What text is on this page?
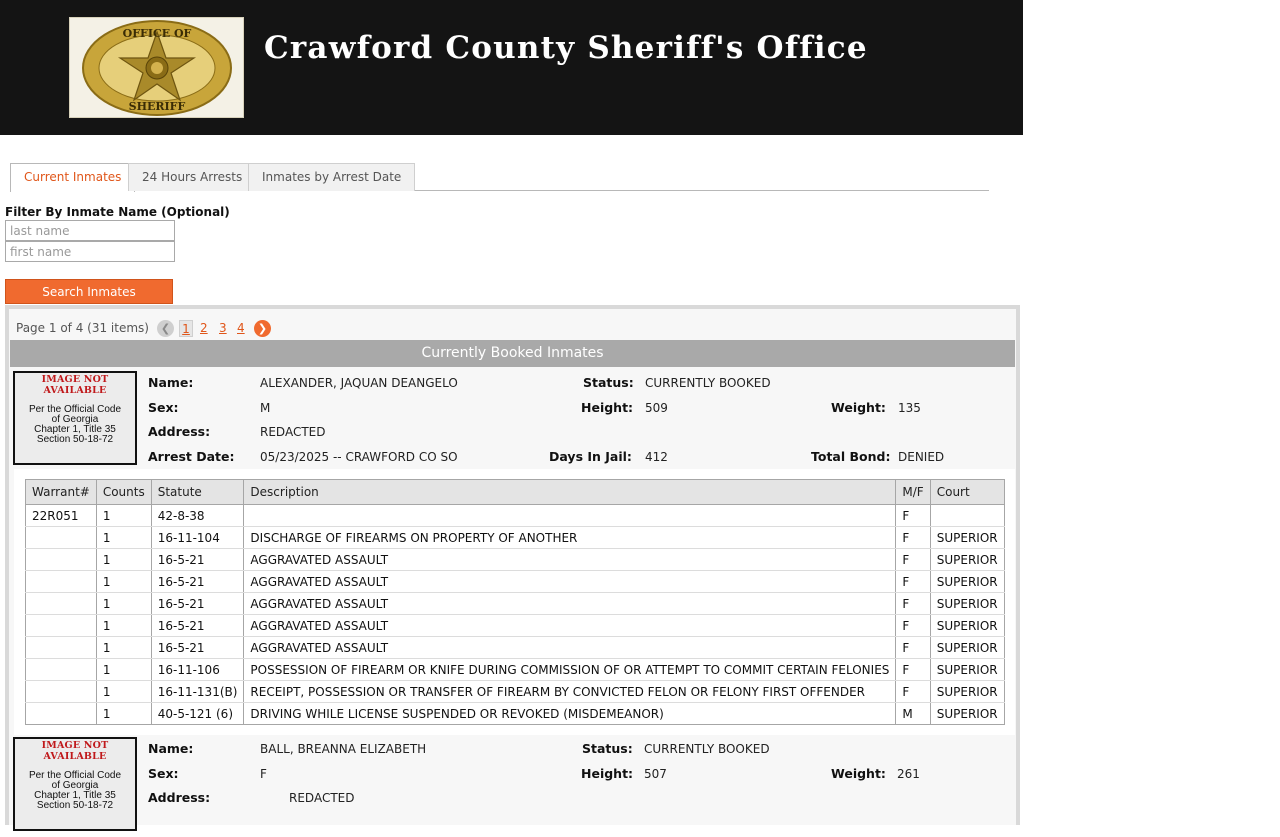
OFFICE OF
SHERIFF
Crawford County Sheriff's Office
Current Inmates	24 Hours Arrests	Inmates by Arrest Date
Filter By Inmate Name (Optional)
last name
first name
Search Inmates
Page 1 of 4 (31 items)	❮	1 2 3 4	❯
Currently Booked Inmates
IMAGE NOT AVAILABLE
Per the Official Code
of Georgia
Chapter 1, Title 35
Section 50-18-72
Name:	ALEXANDER, JAQUAN DEANGELO	Status: CURRENTLY BOOKED
Sex:	M	Height: 509	Weight: 135
Address:	REDACTED
Arrest Date: 05/23/2025 -- CRAWFORD CO SO	Days In Jail: 412	Total Bond: DENIED
Warrant#	Counts	Statute	Description	M/F	Court
22R051	1	42-8-38		F	
	1	16-11-104	DISCHARGE OF FIREARMS ON PROPERTY OF ANOTHER	F	SUPERIOR
	1	16-5-21	AGGRAVATED ASSAULT	F	SUPERIOR
	1	16-5-21	AGGRAVATED ASSAULT	F	SUPERIOR
	1	16-5-21	AGGRAVATED ASSAULT	F	SUPERIOR
	1	16-5-21	AGGRAVATED ASSAULT	F	SUPERIOR
	1	16-5-21	AGGRAVATED ASSAULT	F	SUPERIOR
	1	16-11-106	POSSESSION OF FIREARM OR KNIFE DURING COMMISSION OF OR ATTEMPT TO COMMIT CERTAIN FELONIES	F	SUPERIOR
	1	16-11-131(B)	RECEIPT, POSSESSION OR TRANSFER OF FIREARM BY CONVICTED FELON OR FELONY FIRST OFFENDER	F	SUPERIOR
	1	40-5-121 (6)	DRIVING WHILE LICENSE SUSPENDED OR REVOKED (MISDEMEANOR)	M	SUPERIOR
IMAGE NOT AVAILABLE
Per the Official Code
of Georgia
Chapter 1, Title 35
Section 50-18-72
Name:	BALL, BREANNA ELIZABETH	Status: CURRENTLY BOOKED
Sex:	F	Height: 507	Weight: 261
Address:	REDACTED
